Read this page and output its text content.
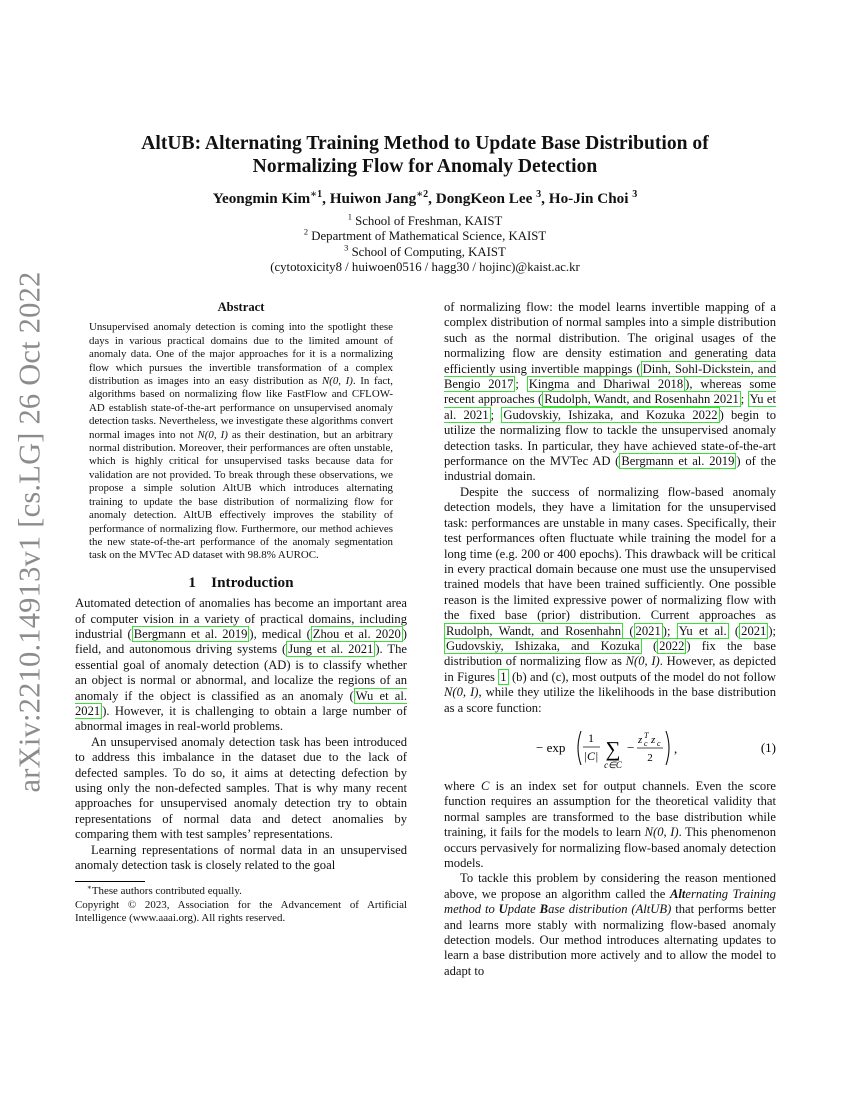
arXiv:2210.14913v1 [cs.LG] 26 Oct 2022
AltUB: Alternating Training Method to Update Base Distribution of
Normalizing Flow for Anomaly Detection
Yeongmin Kim$^{∗1}$, Huiwon Jang$^{∗2}$, DongKeon Lee $^3$, Ho-Jin Choi $^3$
$^1$ School of Freshman, KAIST
$^2$ Department of Mathematical Science, KAIST
$^3$ School of Computing, KAIST
(cytotoxicity8 / huiwoen0516 / hagg30 / hojinc)@kaist.ac.kr
Abstract
Unsupervised anomaly detection is coming into the spotlight these days in various practical domains due to the limited amount of anomaly data. One of the major approaches for it is a normalizing flow which pursues the invertible transformation of a complex distribution as images into an easy distribution as N(0, I). In fact, algorithms based on normalizing flow like FastFlow and CFLOW-AD establish state-of-the-art performance on unsupervised anomaly detection tasks. Nevertheless, we investigate these algorithms convert normal images into not N(0, I) as their destination, but an arbitrary normal distribution. Moreover, their performances are often unstable, which is highly critical for unsupervised tasks because data for validation are not provided. To break through these observations, we propose a simple solution AltUB which introduces alternating training to update the base distribution of normalizing flow for anomaly detection. AltUB effectively improves the stability of performance of normalizing flow. Furthermore, our method achieves the new state-of-the-art performance of the anomaly segmentation task on the MVTec AD dataset with 98.8% AUROC.
1 Introduction

Automated detection of anomalies has become an important area of computer vision in a variety of practical domains, including industrial ( Bergmann et al. 2019 ), medical ( Zhou et al. 2020 ) field, and autonomous driving systems ( Jung et al. 2021 ). The essential goal of anomaly detection (AD) is to classify whether an object is normal or abnormal, and localize the regions of an anomaly if the object is classified as an anomaly ( Wu et al. 2021 ). However, it is challenging to obtain a large number of abnormal images in real-world problems.

An unsupervised anomaly detection task has been introduced to address this imbalance in the dataset due to the lack of defected samples. To do so, it aims at detecting defection by using only the non-defected samples. That is why many recent approaches for unsupervised anomaly detection try to obtain representations of normal data and detect anomalies by comparing them with test samples’ representations.

Learning representations of normal data in an unsupervised anomaly detection task is closely related to the goal

∗These authors contributed equally.
Copyright © 2023, Association for the Advancement of Artificial Intelligence (www.aaai.org). All rights reserved.

of normalizing flow: the model learns invertible mapping of a complex distribution of normal samples into a simple distribution such as the normal distribution. The original usages of the normalizing flow are density estimation and generating data efficiently using invertible mappings ( Dinh, Sohl-Dickstein, and Bengio 2017 ; Kingma and Dhariwal 2018 ), whereas some recent approaches ( Rudolph, Wandt, and Rosenhahn 2021 ; Yu et al. 2021 ; Gudovskiy, Ishizaka, and Kozuka 2022 ) begin to utilize the normalizing flow to tackle the unsupervised anomaly detection tasks. In particular, they have achieved state-of-the-art performance on the MVTec AD ( Bergmann et al. 2019 ) of the industrial domain.

Despite the success of normalizing flow-based anomaly detection models, they have a limitation for the unsupervised task: performances are unstable in many cases. Specifically, their test performances often fluctuate while training the model for a long time (e.g. 200 or 400 epochs). This drawback will be critical in every practical domain because one must use the unsupervised trained models that have been trained sufficiently. One possible reason is the limited expressive power of normalizing flow with the fixed base (prior) distribution. Current approaches as Rudolph, Wandt, and Rosenhahn ( 2021 ); Yu et al. ( 2021 ); Gudovskiy, Ishizaka, and Kozuka ( 2022 ) fix the base distribution of normalizing flow as N(0, I). However, as depicted in Figures 1 (b) and (c), most outputs of the model do not follow N(0, I), while they utilize the likelihoods in the base distribution as a score function:

− exp
1
|C| ∑
c∈C
− z T
c z c
2
,	(1)

where C is an index set for output channels. Even the score function requires an assumption for the theoretical validity that normal samples are transformed to the base distribution while training, it fails for the models to learn N(0, I). This phenomenon occurs pervasively for normalizing flow-based anomaly detection models.

To tackle this problem by considering the reason mentioned above, we propose an algorithm called the Alternating Training method to Update Base distribution (AltUB) that performs better and learns more stably with normalizing flow-based anomaly detection models. Our method introduces alternating updates to learn a base distribution more actively and to allow the model to adapt to
